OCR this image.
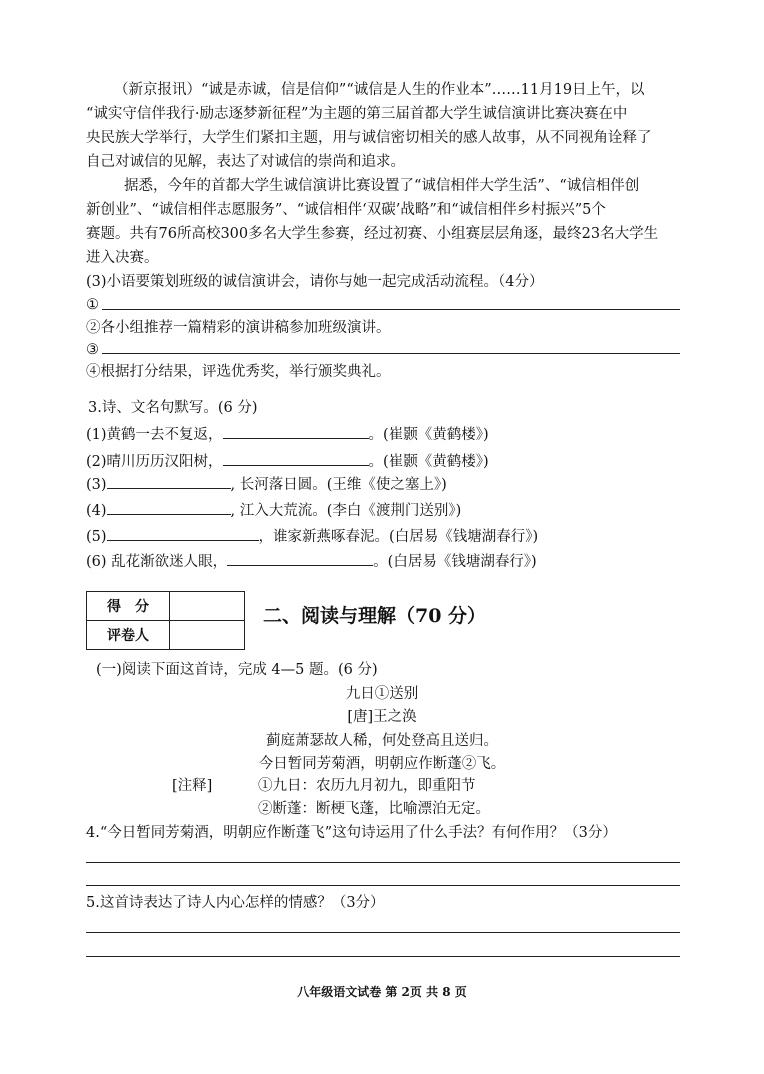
（新京报讯）“诚是赤诚，信是信仰”“诚信是人生的作业本”……11月19日上午，以
“诚实守信伴我行·励志逐梦新征程”为主题的第三届首都大学生诚信演讲比赛决赛在中
央民族大学举行，大学生们紧扣主题，用与诚信密切相关的感人故事，从不同视角诠释了
自己对诚信的见解，表达了对诚信的崇尚和追求。
据悉，今年的首都大学生诚信演讲比赛设置了“诚信相伴大学生活”、“诚信相伴创
新创业”、“诚信相伴志愿服务”、“诚信相伴‘双碳’战略”和“诚信相伴乡村振兴”5个
赛题。共有76所高校300多名大学生参赛，经过初赛、小组赛层层角逐，最终23名大学生
进入决赛。
(3)小语要策划班级的诚信演讲会，请你与她一起完成活动流程。（4分）
①
②各小组推荐一篇精彩的演讲稿参加班级演讲。
③
④根据打分结果，评选优秀奖，举行颁奖典礼。
3.诗、文名句默写。(6 分)
(1)黄鹤一去不复返，	。(崔颢《黄鹤楼》)
(2)晴川历历汉阳树，	。(崔颢《黄鹤楼》)
(3)	, 长河落日圆。(王维《使之塞上》)
(4)	, 江入大荒流。(李白《渡荆门送别》)
(5)	，谁家新燕啄春泥。(白居易《钱塘湖春行》)
(6) 乱花渐欲迷人眼，	。(白居易《钱塘湖春行》)
得　分	
评卷人	
二、阅读与理解（70 分）
(一)阅读下面这首诗，完成 4—5 题。(6 分)
九日①送别
[唐]王之涣
蓟庭萧瑟故人稀，何处登高且送归。
今日暂同芳菊酒，明朝应作断蓬②飞。
[注释]	①九日：农历九月初九，即重阳节
②断蓬：断梗飞蓬，比喻漂泊无定。
4.“今日暂同芳菊酒，明朝应作断蓬飞”这句诗运用了什么手法？有何作用？（3分）
5.这首诗表达了诗人内心怎样的情感？（3分）
八年级语文试卷 第 2页 共 8 页
